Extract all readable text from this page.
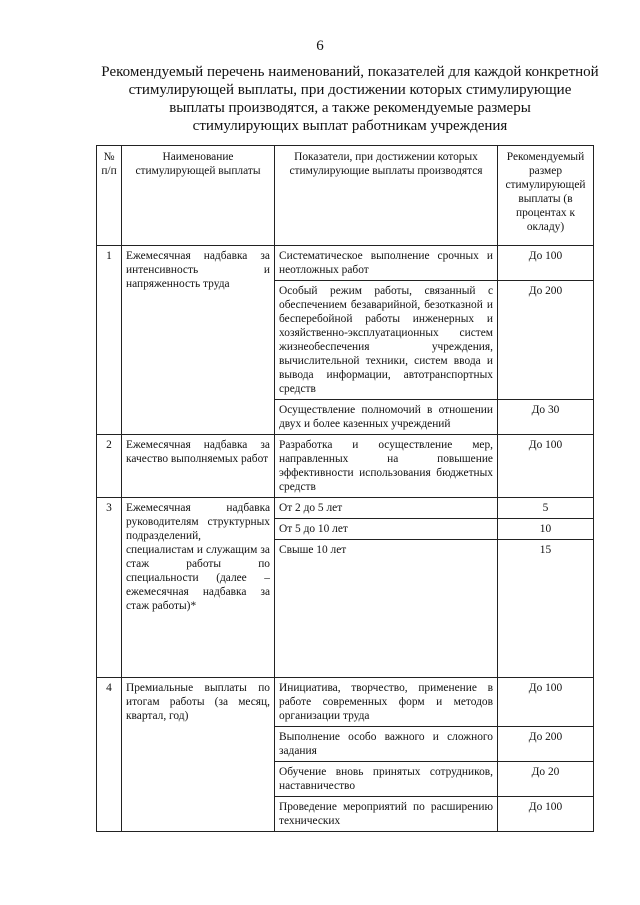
6
Рекомендуемый перечень наименований, показателей для каждой конкретной
стимулирующей выплаты, при достижении которых стимулирующие
выплаты производятся, а также рекомендуемые размеры
стимулирующих выплат работникам учреждения
№ п/п	Наименование стимулирующей выплаты	Показатели, при достижении которых стимулирующие выплаты производятся	Рекомендуемый размер стимулирующей выплаты (в процентах к окладу)
1	Ежемесячная надбавка за интенсивность и напряженность труда	Систематическое выполнение срочных и неотложных работ	До 100
		Особый режим работы, связанный с обеспечением безаварийной, безотказной и бесперебойной работы инженерных и хозяйственно-эксплуатационных систем жизнеобеспечения учреждения, вычислительной техники, систем ввода и вывода информации, автотранспортных средств	До 200
		Осуществление полномочий в отношении двух и более казенных учреждений	До 30
2	Ежемесячная надбавка за качество выполняемых работ	Разработка и осуществление мер, направленных на повышение эффективности использования бюджетных средств	До 100
3	Ежемесячная надбавка руководителям структурных подразделений, специалистам и служащим за стаж работы по специальности (далее – ежемесячная надбавка за стаж работы)*	От 2 до 5 лет	5
		От 5 до 10 лет	10
		Свыше 10 лет	15
4	Премиальные выплаты по итогам работы (за месяц, квартал, год)	Инициатива, творчество, применение в работе современных форм и методов организации труда	До 100
		Выполнение особо важного и сложного задания	До 200
		Обучение вновь принятых сотрудников, наставничество	До 20
		Проведение мероприятий по расширению технических	До 100
